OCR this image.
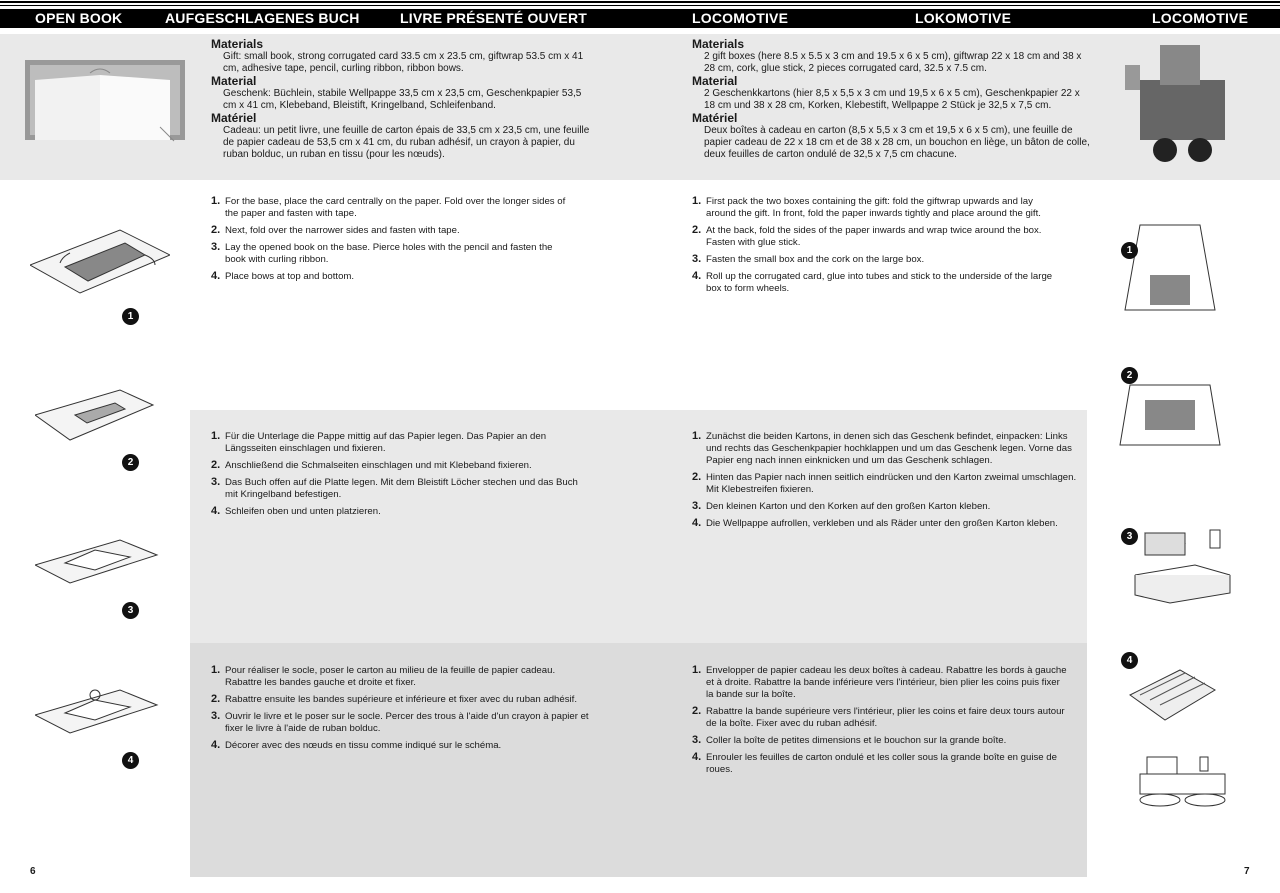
OPEN BOOK	AUFGESCHLAGENES BUCH	LIVRE PRÉSENTÉ OUVERT	LOCOMOTIVE	LOKOMOTIVE	LOCOMOTIVE
Materials

Gift: small book, strong corrugated card 33.5 cm x 23.5 cm, giftwrap 53.5 cm x 41 cm, adhesive tape, pencil, curling ribbon, ribbon bows.

Material

Geschenk: Büchlein, stabile Wellpappe 33,5 cm x 23,5 cm, Geschenkpapier 53,5 cm x 41 cm, Klebeband, Bleistift, Kringelband, Schleifenband.

Matériel

Cadeau: un petit livre, une feuille de carton épais de 33,5 cm x 23,5 cm, une feuille de papier cadeau de 53,5 cm x 41 cm, du ruban adhésif, un crayon à papier, du ruban bolduc, un ruban en tissu (pour les nœuds).

Materials

2 gift boxes (here 8.5 x 5.5 x 3 cm and 19.5 x 6 x 5 cm), giftwrap 22 x 18 cm and 38 x 28 cm, cork, glue stick, 2 pieces corrugated card, 32.5 x 7.5 cm.

Material

2 Geschenkkartons (hier 8,5 x 5,5 x 3 cm und 19,5 x 6 x 5 cm), Geschenkpapier 22 x 18 cm und 38 x 28 cm, Korken, Klebestift, Wellpappe 2 Stück je 32,5 x 7,5 cm.

Matériel

Deux boîtes à cadeau en carton (8,5 x 5,5 x 3 cm et 19,5 x 6 x 5 cm), une feuille de papier cadeau de 22 x 18 cm et de 38 x 28 cm, un bouchon en liège, un bâton de colle, deux feuilles de carton ondulé de 32,5 x 7,5 cm chacune.

1. For the base, place the card centrally on the paper. Fold over the longer sides of the paper and fasten with tape.
2. Next, fold over the narrower sides and fasten with tape.
3. Lay the opened book on the base. Pierce holes with the pencil and fasten the book with curling ribbon.
4. Place bows at top and bottom.
1. Für die Unterlage die Pappe mittig auf das Papier legen. Das Papier an den Längsseiten einschlagen und fixieren.
2. Anschließend die Schmalseiten einschlagen und mit Klebeband fixieren.
3. Das Buch offen auf die Platte legen. Mit dem Bleistift Löcher stechen und das Buch mit Kringelband befestigen.
4. Schleifen oben und unten platzieren.
1. Pour réaliser le socle, poser le carton au milieu de la feuille de papier cadeau. Rabattre les bandes gauche et droite et fixer.
2. Rabattre ensuite les bandes supérieure et inférieure et fixer avec du ruban adhésif.
3. Ouvrir le livre et le poser sur le socle. Percer des trous à l'aide d'un crayon à papier et fixer le livre à l'aide de ruban bolduc.
4. Décorer avec des nœuds en tissu comme indiqué sur le schéma.
1. First pack the two boxes containing the gift: fold the giftwrap upwards and lay around the gift. In front, fold the paper inwards tightly and place around the gift.
2. At the back, fold the sides of the paper inwards and wrap twice around the box. Fasten with glue stick.
3. Fasten the small box and the cork on the large box.
4. Roll up the corrugated card, glue into tubes and stick to the underside of the large box to form wheels.
1. Zunächst die beiden Kartons, in denen sich das Geschenk befindet, einpacken: Links und rechts das Geschenkpapier hochklappen und um das Geschenk legen. Vorne das Papier eng nach innen einknicken und um das Geschenk schlagen.
2. Hinten das Papier nach innen seitlich eindrücken und den Karton zweimal umschlagen. Mit Klebestreifen fixieren.
3. Den kleinen Karton und den Korken auf den großen Karton kleben.
4. Die Wellpappe aufrollen, verkleben und als Räder unter den großen Karton kleben.
1. Envelopper de papier cadeau les deux boîtes à cadeau. Rabattre les bords à gauche et à droite. Rabattre la bande inférieure vers l'intérieur, bien plier les coins puis fixer la bande sur la boîte.
2. Rabattre la bande supérieure vers l'intérieur, plier les coins et faire deux tours autour de la boîte. Fixer avec du ruban adhésif.
3. Coller la boîte de petites dimensions et le bouchon sur la grande boîte.
4. Enrouler les feuilles de carton ondulé et les coller sous la grande boîte en guise de roues.
1
2
3
4
1
2
3
4
6	7
